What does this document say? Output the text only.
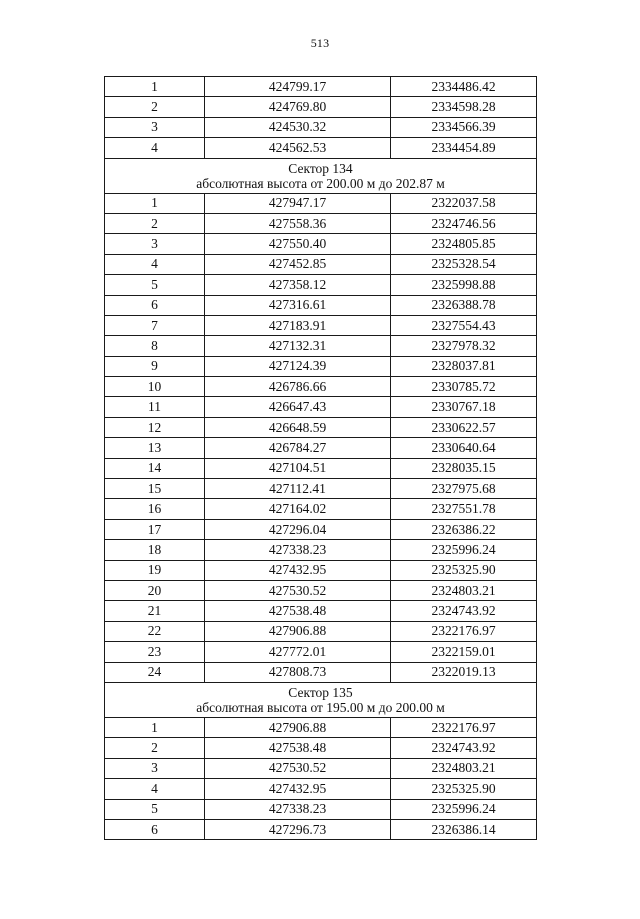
513
1	424799.17	2334486.42
2	424769.80	2334598.28
3	424530.32	2334566.39
4	424562.53	2334454.89

Сектор 134
абсолютная высота от 200.00 м до 202.87 м		

1	427947.17	2322037.58
2	427558.36	2324746.56
3	427550.40	2324805.85
4	427452.85	2325328.54
5	427358.12	2325998.88
6	427316.61	2326388.78
7	427183.91	2327554.43
8	427132.31	2327978.32
9	427124.39	2328037.81
10	426786.66	2330785.72
11	426647.43	2330767.18
12	426648.59	2330622.57
13	426784.27	2330640.64
14	427104.51	2328035.15
15	427112.41	2327975.68
16	427164.02	2327551.78
17	427296.04	2326386.22
18	427338.23	2325996.24
19	427432.95	2325325.90
20	427530.52	2324803.21
21	427538.48	2324743.92
22	427906.88	2322176.97
23	427772.01	2322159.01
24	427808.73	2322019.13

Сектор 135
абсолютная высота от 195.00 м до 200.00 м		

1	427906.88	2322176.97
2	427538.48	2324743.92
3	427530.52	2324803.21
4	427432.95	2325325.90
5	427338.23	2325996.24
6	427296.73	2326386.14
